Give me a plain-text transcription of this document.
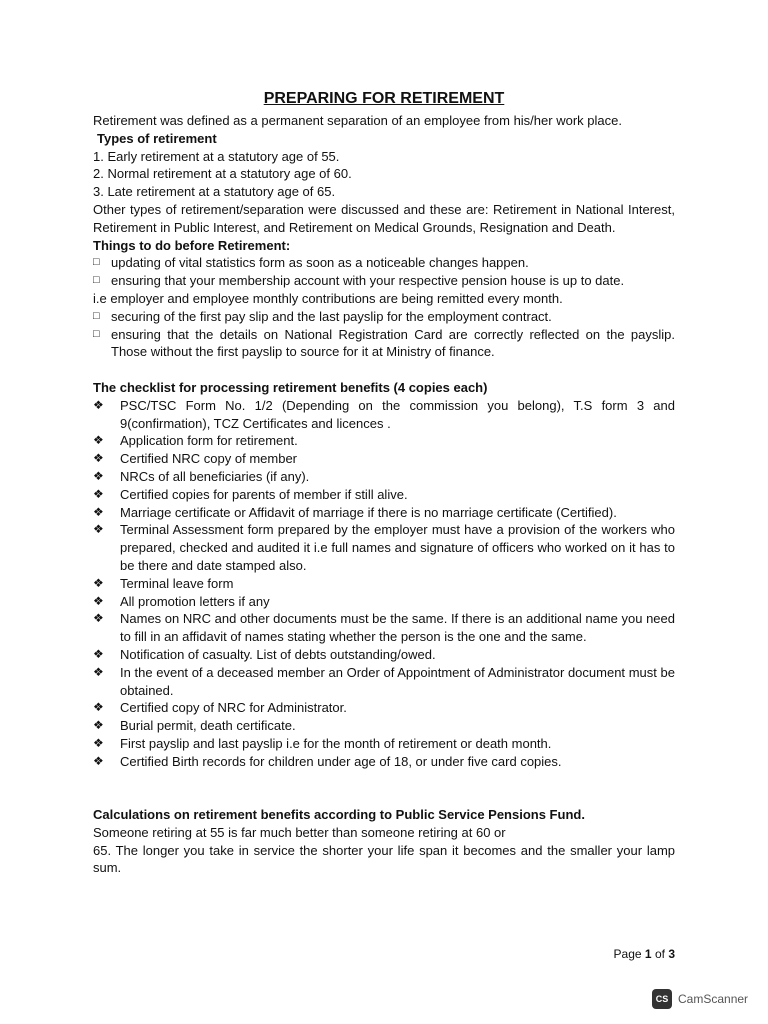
PREPARING FOR RETIREMENT

Retirement was defined as a permanent separation of an employee from his/her work place.

Types of retirement

1. Early retirement at a statutory age of 55.

2. Normal retirement at a statutory age of 60.

3. Late retirement at a statutory age of 65.

Other types of retirement/separation were discussed and these are: Retirement in National Interest, Retirement in Public Interest, and Retirement on Medical Grounds, Resignation and Death.

Things to do before Retirement:

□ updating of vital statistics form as soon as a noticeable changes happen.
□ ensuring that your membership account with your respective pension house is up to date.

i.e employer and employee monthly contributions are being remitted every month.

□ securing of the first pay slip and the last payslip for the employment contract.
□ ensuring that the details on National Registration Card are correctly reflected on the payslip. Those without the first payslip to source for it at Ministry of finance.

The checklist for processing retirement benefits (4 copies each)

❖	PSC/TSC Form No. 1/2 (Depending on the commission you belong), T.S form 3 and 9(confirmation), TCZ Certificates and licences .
❖	Application form for retirement.
❖	Certified NRC copy of member
❖	NRCs of all beneficiaries (if any).
❖	Certified copies for parents of member if still alive.
❖	Marriage certificate or Affidavit of marriage if there is no marriage certificate (Certified).
❖	Terminal Assessment form prepared by the employer must have a provision of the workers who prepared, checked and audited it i.e full names and signature of officers who worked on it has to be there and date stamped also.
❖	Terminal leave form
❖	All promotion letters if any
❖	Names on NRC and other documents must be the same. If there is an additional name you need to fill in an affidavit of names stating whether the person is the one and the same.
❖	Notification of casualty. List of debts outstanding/owed.
❖	In the event of a deceased member an Order of Appointment of Administrator document must be obtained.
❖	Certified copy of NRC for Administrator.
❖	Burial permit, death certificate.
❖	First payslip and last payslip i.e for the month of retirement or death month.
❖	Certified Birth records for children under age of 18, or under five card copies.

Calculations on retirement benefits according to Public Service Pensions Fund.

Someone retiring at 55 is far much better than someone retiring at 60 or

65. The longer you take in service the shorter your life span it becomes and the smaller your lamp sum.

Page 1 of 3
CS CamScanner
